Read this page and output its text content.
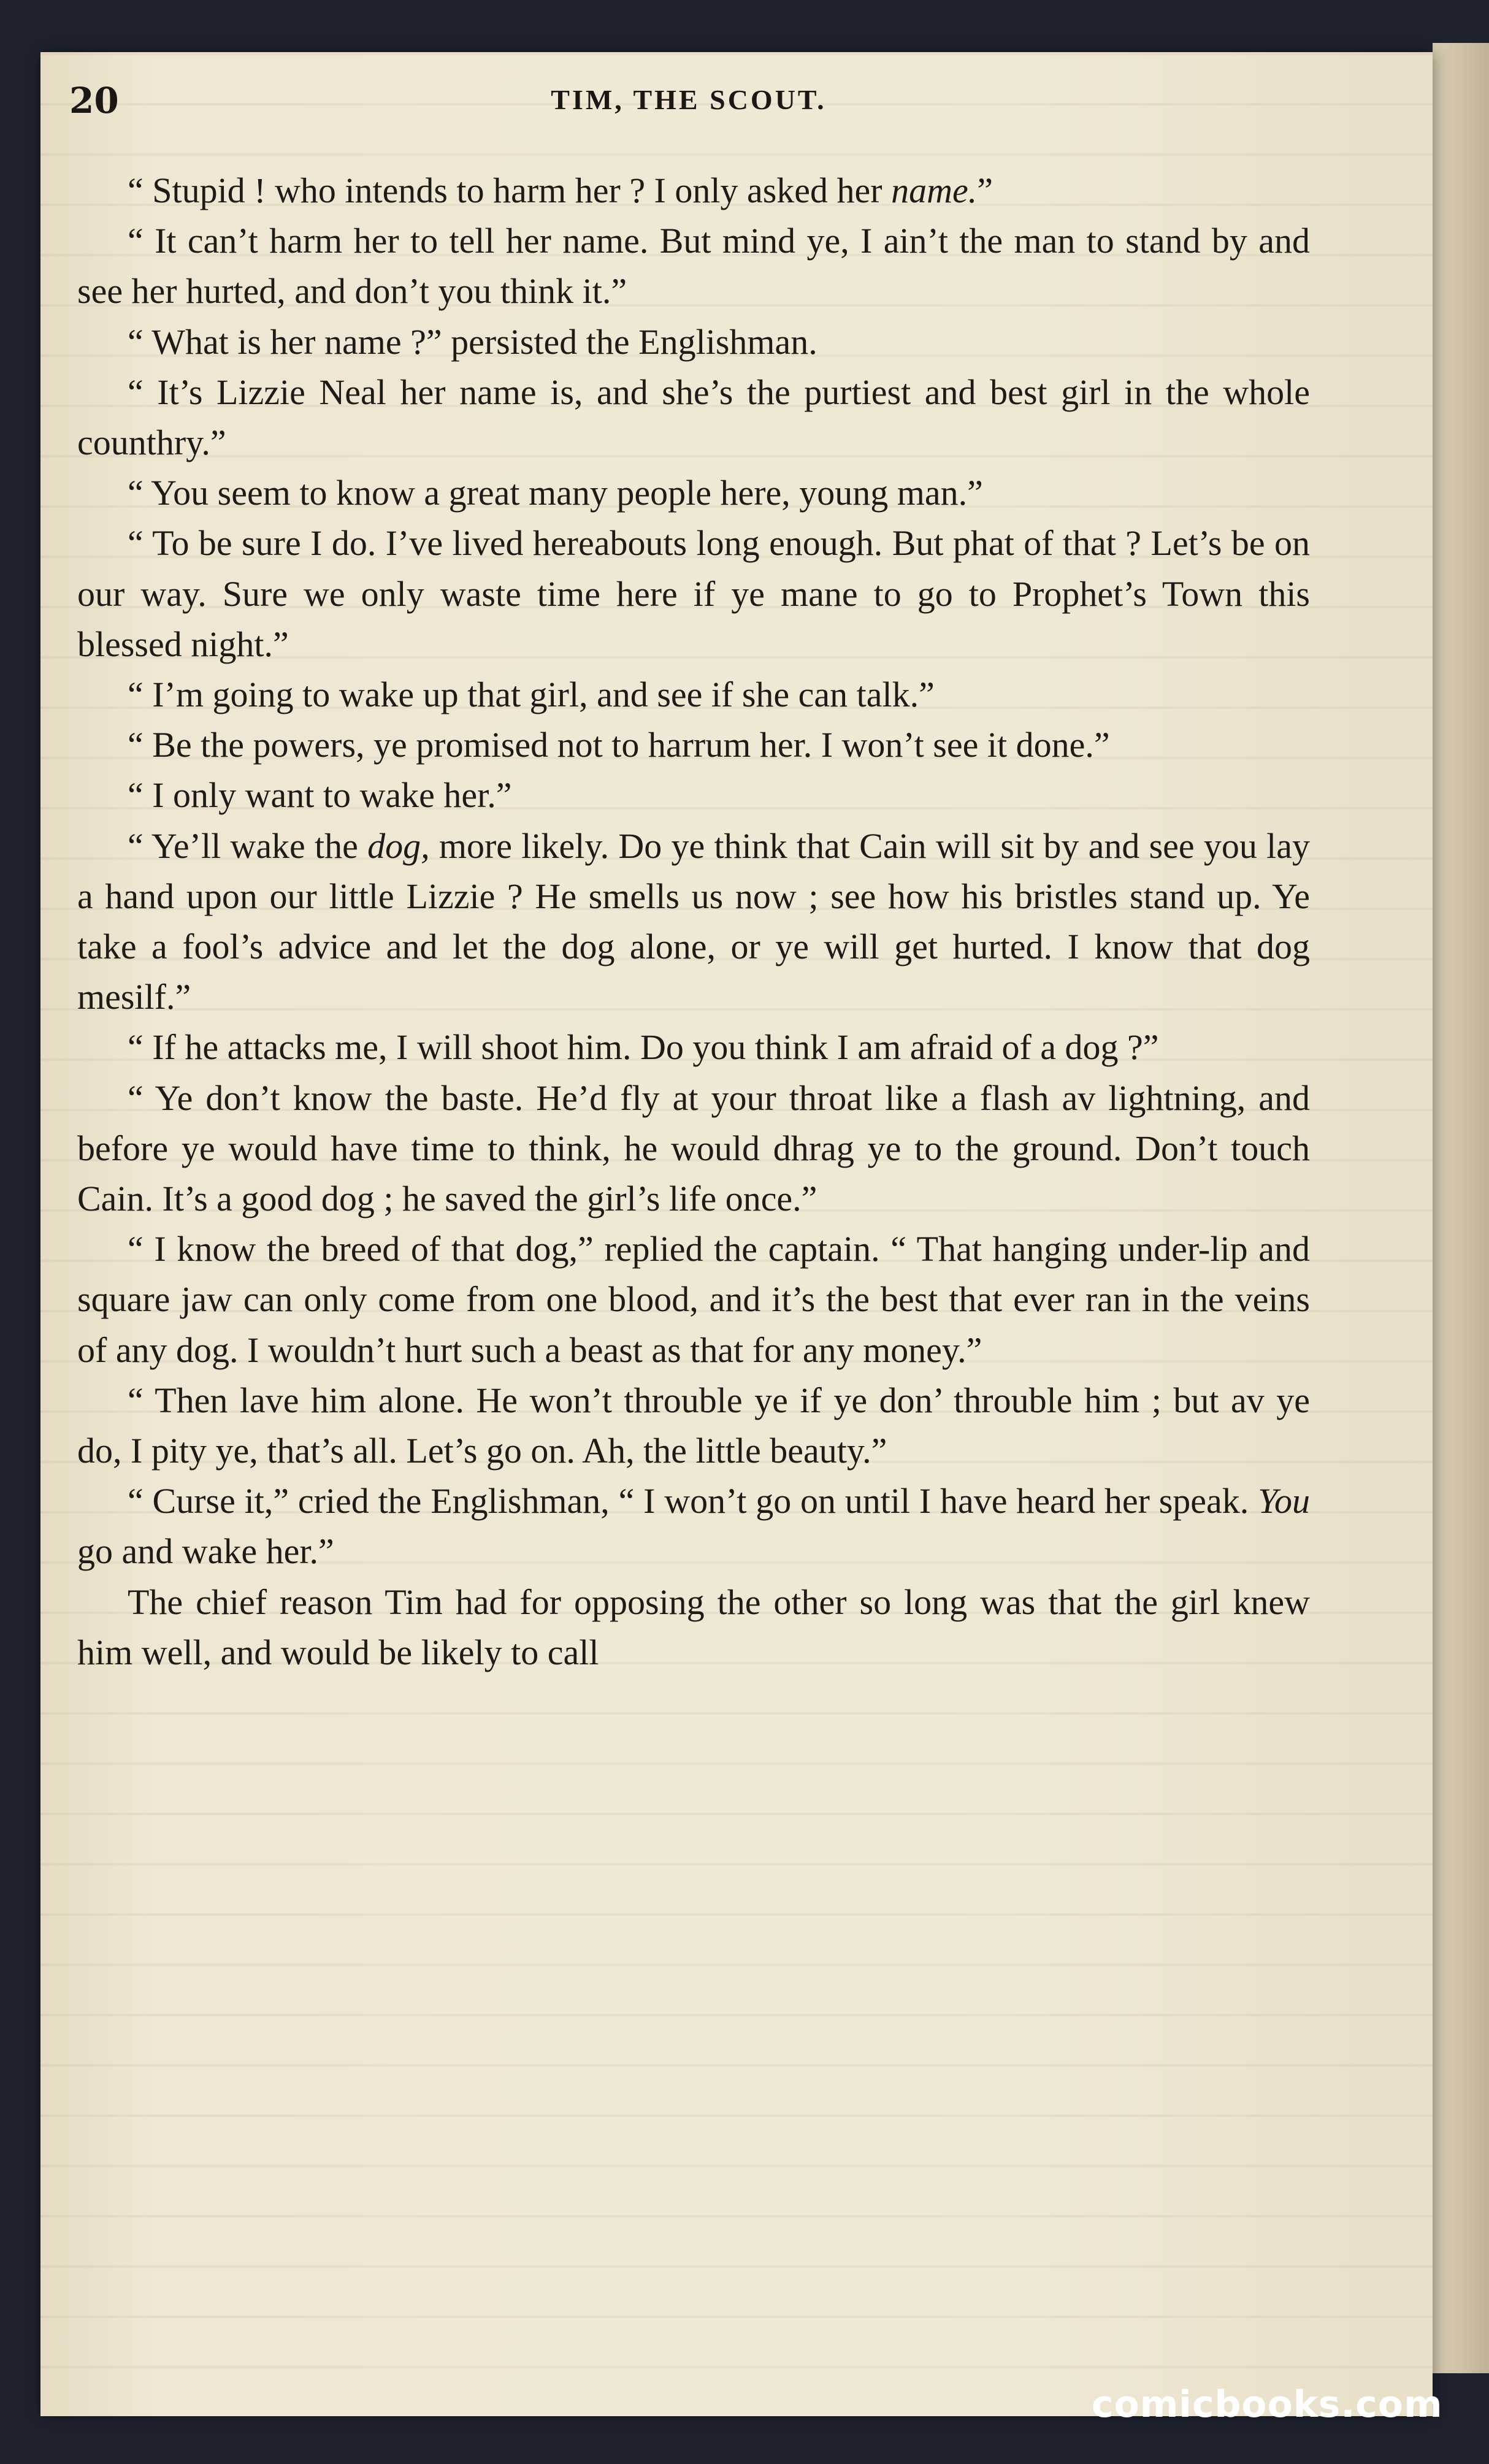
20	TIM, THE SCOUT.

“ Stupid ! who intends to harm her ? I only asked her name.”

“ It can’t harm her to tell her name. But mind ye, I ain’t the man to stand by and see her hurted, and don’t you think it.”

“ What is her name ?” persisted the Englishman.

“ It’s Lizzie Neal her name is, and she’s the purtiest and best girl in the whole counthry.”

“ You seem to know a great many people here, young man.”

“ To be sure I do. I’ve lived hereabouts long enough. But phat of that ? Let’s be on our way. Sure we only waste time here if ye mane to go to Prophet’s Town this blessed night.”

“ I’m going to wake up that girl, and see if she can talk.”

“ Be the powers, ye promised not to harrum her. I won’t see it done.”

“ I only want to wake her.”

“ Ye’ll wake the dog, more likely. Do ye think that Cain will sit by and see you lay a hand upon our little Lizzie ? He smells us now ; see how his bristles stand up. Ye take a fool’s advice and let the dog alone, or ye will get hurted. I know that dog mesilf.”

“ If he attacks me, I will shoot him. Do you think I am afraid of a dog ?”

“ Ye don’t know the baste. He’d fly at your throat like a flash av lightning, and before ye would have time to think, he would dhrag ye to the ground. Don’t touch Cain. It’s a good dog ; he saved the girl’s life once.”

“ I know the breed of that dog,” replied the captain. “ That hanging under-lip and square jaw can only come from one blood, and it’s the best that ever ran in the veins of any dog. I wouldn’t hurt such a beast as that for any money.”

“ Then lave him alone. He won’t throuble ye if ye don’ throuble him ; but av ye do, I pity ye, that’s all. Let’s go on. Ah, the little beauty.”

“ Curse it,” cried the Englishman, “ I won’t go on until I have heard her speak. You go and wake her.”

The chief reason Tim had for opposing the other so long was that the girl knew him well, and would be likely to call

comicbooks.com
